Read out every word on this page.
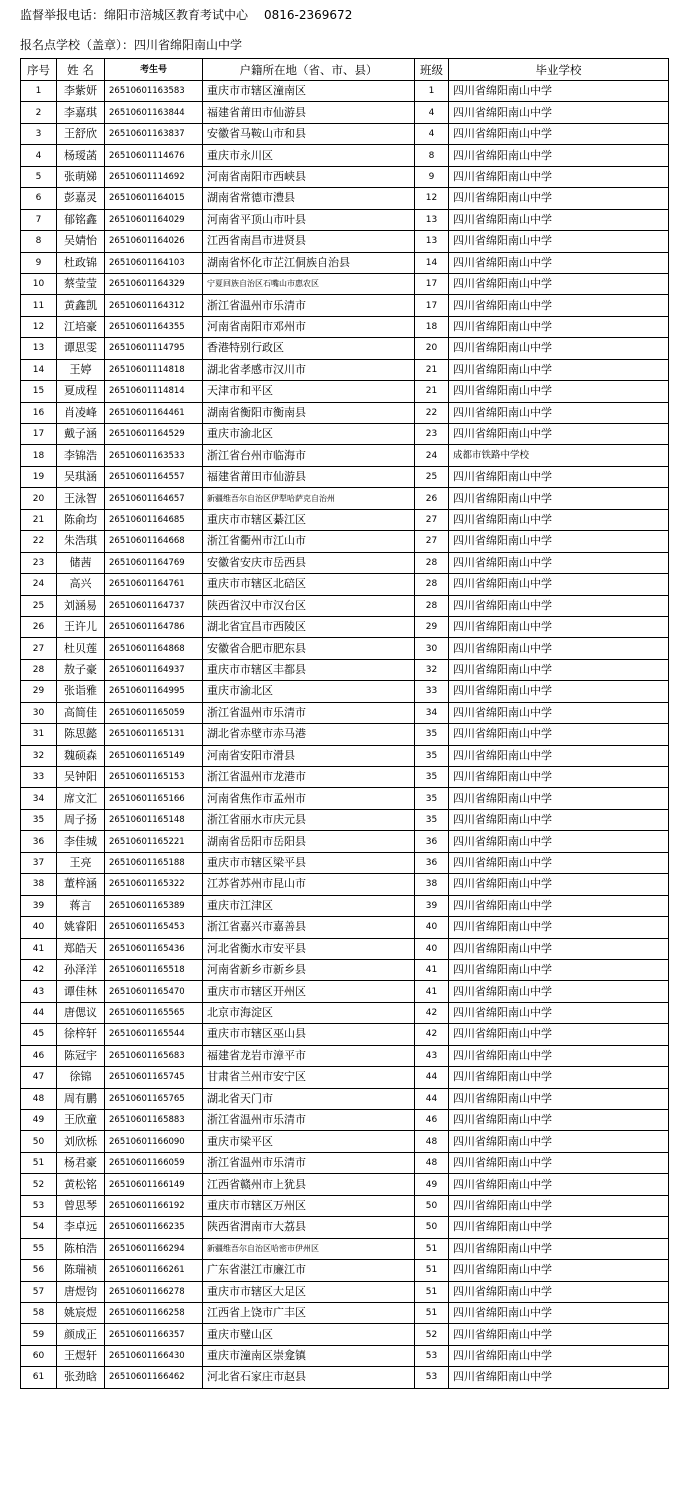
监督举报电话：绵阳市涪城区教育考试中心 0816-2369672
报名点学校（盖章）：四川省绵阳南山中学
序号	姓 名	考生号	户籍所在地（省、市、县）	班级	毕业学校
1	李紫妍	26510601163583	重庆市市辖区潼南区	1	四川省绵阳南山中学
2	李嘉琪	26510601163844	福建省莆田市仙游县	4	四川省绵阳南山中学
3	王舒欣	26510601163837	安徽省马鞍山市和县	4	四川省绵阳南山中学
4	杨瑷菡	26510601114676	重庆市永川区	8	四川省绵阳南山中学
5	张萌娣	26510601114692	河南省南阳市西峡县	9	四川省绵阳南山中学
6	彭嘉灵	26510601164015	湖南省常德市澧县	12	四川省绵阳南山中学
7	郁铭鑫	26510601164029	河南省平顶山市叶县	13	四川省绵阳南山中学
8	吴婧怡	26510601164026	江西省南昌市进贤县	13	四川省绵阳南山中学
9	杜政锦	26510601164103	湖南省怀化市芷江侗族自治县	14	四川省绵阳南山中学
10	蔡莹莹	26510601164329	宁夏回族自治区石嘴山市惠农区	17	四川省绵阳南山中学
11	黄鑫凯	26510601164312	浙江省温州市乐清市	17	四川省绵阳南山中学
12	江培豪	26510601164355	河南省南阳市邓州市	18	四川省绵阳南山中学
13	谭思雯	26510601114795	香港特别行政区	20	四川省绵阳南山中学
14	王婷	26510601114818	湖北省孝感市汉川市	21	四川省绵阳南山中学
15	夏成程	26510601114814	天津市和平区	21	四川省绵阳南山中学
16	肖凌峰	26510601164461	湖南省衡阳市衡南县	22	四川省绵阳南山中学
17	戴子涵	26510601164529	重庆市渝北区	23	四川省绵阳南山中学
18	李锦浩	26510601163533	浙江省台州市临海市	24	成都市铁路中学校
19	吴琪涵	26510601164557	福建省莆田市仙游县	25	四川省绵阳南山中学
20	王泳智	26510601164657	新疆维吾尔自治区伊犁哈萨克自治州	26	四川省绵阳南山中学
21	陈俞均	26510601164685	重庆市市辖区綦江区	27	四川省绵阳南山中学
22	朱浩琪	26510601164668	浙江省衢州市江山市	27	四川省绵阳南山中学
23	储茜	26510601164769	安徽省安庆市岳西县	28	四川省绵阳南山中学
24	高兴	26510601164761	重庆市市辖区北碚区	28	四川省绵阳南山中学
25	刘涵易	26510601164737	陕西省汉中市汉台区	28	四川省绵阳南山中学
26	王许儿	26510601164786	湖北省宜昌市西陵区	29	四川省绵阳南山中学
27	杜贝莲	26510601164868	安徽省合肥市肥东县	30	四川省绵阳南山中学
28	敖子豪	26510601164937	重庆市市辖区丰都县	32	四川省绵阳南山中学
29	张诣雅	26510601164995	重庆市渝北区	33	四川省绵阳南山中学
30	高简佳	26510601165059	浙江省温州市乐清市	34	四川省绵阳南山中学
31	陈思懿	26510601165131	湖北省赤壁市赤马港	35	四川省绵阳南山中学
32	魏硕森	26510601165149	河南省安阳市滑县	35	四川省绵阳南山中学
33	吴钟阳	26510601165153	浙江省温州市龙港市	35	四川省绵阳南山中学
34	席文汇	26510601165166	河南省焦作市孟州市	35	四川省绵阳南山中学
35	周子扬	26510601165148	浙江省丽水市庆元县	35	四川省绵阳南山中学
36	李佳城	26510601165221	湖南省岳阳市岳阳县	36	四川省绵阳南山中学
37	王亮	26510601165188	重庆市市辖区梁平县	36	四川省绵阳南山中学
38	董梓涵	26510601165322	江苏省苏州市昆山市	38	四川省绵阳南山中学
39	蒋言	26510601165389	重庆市江津区	39	四川省绵阳南山中学
40	姚睿阳	26510601165453	浙江省嘉兴市嘉善县	40	四川省绵阳南山中学
41	郑皓天	26510601165436	河北省衡水市安平县	40	四川省绵阳南山中学
42	孙泽洋	26510601165518	河南省新乡市新乡县	41	四川省绵阳南山中学
43	谭佳林	26510601165470	重庆市市辖区开州区	41	四川省绵阳南山中学
44	唐偲议	26510601165565	北京市海淀区	42	四川省绵阳南山中学
45	徐梓轩	26510601165544	重庆市市辖区巫山县	42	四川省绵阳南山中学
46	陈冠宇	26510601165683	福建省龙岩市漳平市	43	四川省绵阳南山中学
47	徐锦	26510601165745	甘肃省兰州市安宁区	44	四川省绵阳南山中学
48	周有鹏	26510601165765	湖北省天门市	44	四川省绵阳南山中学
49	王欣童	26510601165883	浙江省温州市乐清市	46	四川省绵阳南山中学
50	刘欣栎	26510601166090	重庆市梁平区	48	四川省绵阳南山中学
51	杨君豪	26510601166059	浙江省温州市乐清市	48	四川省绵阳南山中学
52	黄松铭	26510601166149	江西省赣州市上犹县	49	四川省绵阳南山中学
53	曾思琴	26510601166192	重庆市市辖区万州区	50	四川省绵阳南山中学
54	李卓远	26510601166235	陕西省渭南市大荔县	50	四川省绵阳南山中学
55	陈柏浩	26510601166294	新疆维吾尔自治区哈密市伊州区	51	四川省绵阳南山中学
56	陈瑞祯	26510601166261	广东省湛江市廉江市	51	四川省绵阳南山中学
57	唐煜钧	26510601166278	重庆市市辖区大足区	51	四川省绵阳南山中学
58	姚宸煜	26510601166258	江西省上饶市广丰区	51	四川省绵阳南山中学
59	颜成正	26510601166357	重庆市璧山区	52	四川省绵阳南山中学
60	王煜轩	26510601166430	重庆市潼南区崇龛镇	53	四川省绵阳南山中学
61	张劲晗	26510601166462	河北省石家庄市赵县	53	四川省绵阳南山中学
